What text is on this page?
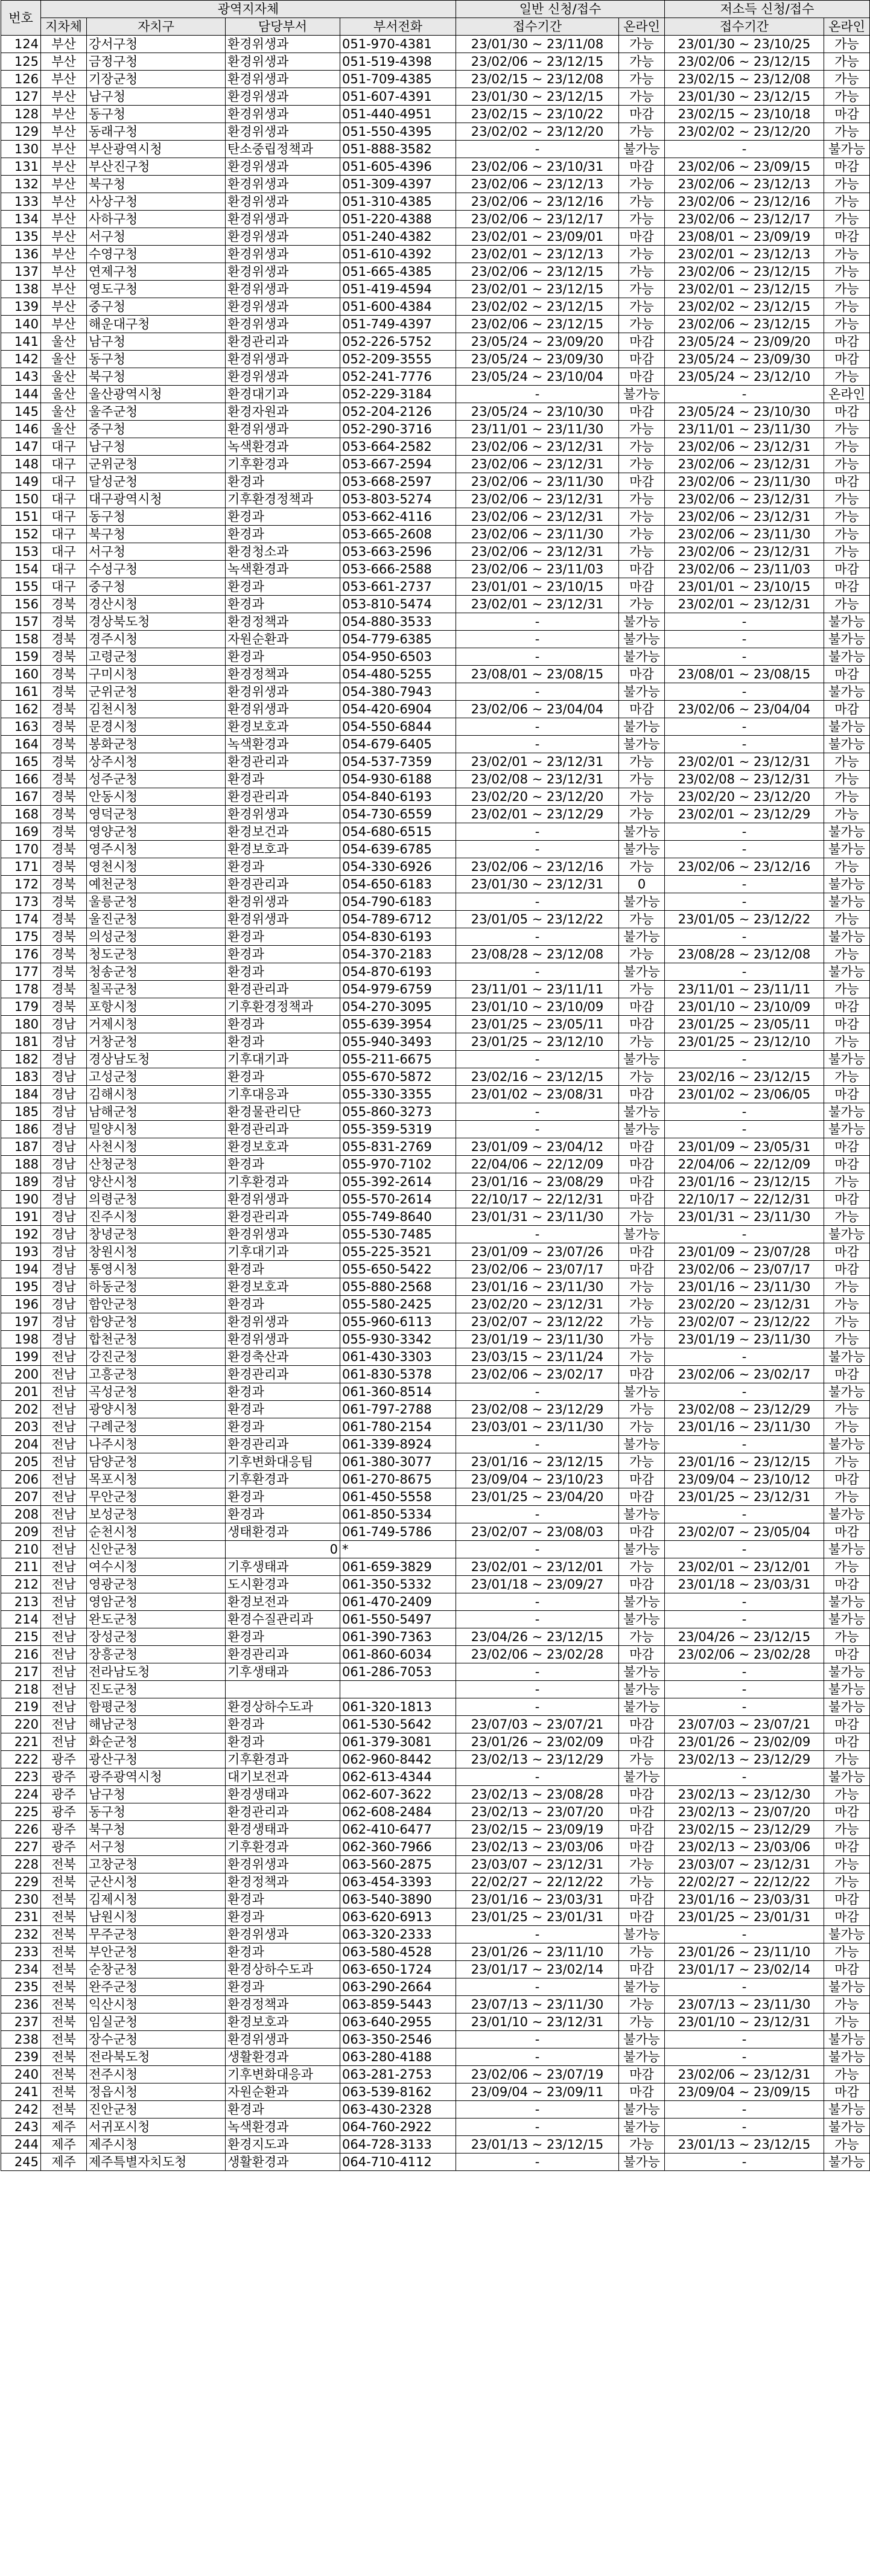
번호	광역지자체				일반 신청/접수		저소득 신청/접수	
	지차체	자치구	담당부서	부서전화	접수기간	온라인	접수기간	온라인
124	부산	강서구청	환경위생과	051-970-4381	23/01/30 ~ 23/11/08	가능	23/01/30 ~ 23/10/25	가능
125	부산	금정구청	환경위생과	051-519-4398	23/02/06 ~ 23/12/15	가능	23/02/06 ~ 23/12/15	가능
126	부산	기장군청	환경위생과	051-709-4385	23/02/15 ~ 23/12/08	가능	23/02/15 ~ 23/12/08	가능
127	부산	남구청	환경위생과	051-607-4391	23/01/30 ~ 23/12/15	가능	23/01/30 ~ 23/12/15	가능
128	부산	동구청	환경위생과	051-440-4951	23/02/15 ~ 23/10/22	마감	23/02/15 ~ 23/10/18	마감
129	부산	동래구청	환경위생과	051-550-4395	23/02/02 ~ 23/12/20	가능	23/02/02 ~ 23/12/20	가능
130	부산	부산광역시청	탄소중립정책과	051-888-3582	-	불가능	-	불가능
131	부산	부산진구청	환경위생과	051-605-4396	23/02/06 ~ 23/10/31	마감	23/02/06 ~ 23/09/15	마감
132	부산	북구청	환경위생과	051-309-4397	23/02/06 ~ 23/12/13	가능	23/02/06 ~ 23/12/13	가능
133	부산	사상구청	환경위생과	051-310-4385	23/02/06 ~ 23/12/16	가능	23/02/06 ~ 23/12/16	가능
134	부산	사하구청	환경위생과	051-220-4388	23/02/06 ~ 23/12/17	가능	23/02/06 ~ 23/12/17	가능
135	부산	서구청	환경위생과	051-240-4382	23/02/01 ~ 23/09/01	마감	23/08/01 ~ 23/09/19	마감
136	부산	수영구청	환경위생과	051-610-4392	23/02/01 ~ 23/12/13	가능	23/02/01 ~ 23/12/13	가능
137	부산	연제구청	환경위생과	051-665-4385	23/02/06 ~ 23/12/15	가능	23/02/06 ~ 23/12/15	가능
138	부산	영도구청	환경위생과	051-419-4594	23/02/01 ~ 23/12/15	가능	23/02/01 ~ 23/12/15	가능
139	부산	중구청	환경위생과	051-600-4384	23/02/02 ~ 23/12/15	가능	23/02/02 ~ 23/12/15	가능
140	부산	해운대구청	환경위생과	051-749-4397	23/02/06 ~ 23/12/15	가능	23/02/06 ~ 23/12/15	가능
141	울산	남구청	환경관리과	052-226-5752	23/05/24 ~ 23/09/20	마감	23/05/24 ~ 23/09/20	마감
142	울산	동구청	환경위생과	052-209-3555	23/05/24 ~ 23/09/30	마감	23/05/24 ~ 23/09/30	마감
143	울산	북구청	환경위생과	052-241-7776	23/05/24 ~ 23/10/04	마감	23/05/24 ~ 23/12/10	가능
144	울산	울산광역시청	환경대기과	052-229-3184	-	불가능	-	온라인
145	울산	울주군청	환경자원과	052-204-2126	23/05/24 ~ 23/10/30	마감	23/05/24 ~ 23/10/30	마감
146	울산	중구청	환경위생과	052-290-3716	23/11/01 ~ 23/11/30	가능	23/11/01 ~ 23/11/30	가능
147	대구	남구청	녹색환경과	053-664-2582	23/02/06 ~ 23/12/31	가능	23/02/06 ~ 23/12/31	가능
148	대구	군위군청	기후환경과	053-667-2594	23/02/06 ~ 23/12/31	가능	23/02/06 ~ 23/12/31	가능
149	대구	달성군청	환경과	053-668-2597	23/02/06 ~ 23/11/30	마감	23/02/06 ~ 23/11/30	마감
150	대구	대구광역시청	기후환경정책과	053-803-5274	23/02/06 ~ 23/12/31	가능	23/02/06 ~ 23/12/31	가능
151	대구	동구청	환경과	053-662-4116	23/02/06 ~ 23/12/31	가능	23/02/06 ~ 23/12/31	가능
152	대구	북구청	환경과	053-665-2608	23/02/06 ~ 23/11/30	가능	23/02/06 ~ 23/11/30	가능
153	대구	서구청	환경청소과	053-663-2596	23/02/06 ~ 23/12/31	가능	23/02/06 ~ 23/12/31	가능
154	대구	수성구청	녹색환경과	053-666-2588	23/02/06 ~ 23/11/03	마감	23/02/06 ~ 23/11/03	마감
155	대구	중구청	환경과	053-661-2737	23/01/01 ~ 23/10/15	마감	23/01/01 ~ 23/10/15	마감
156	경북	경산시청	환경과	053-810-5474	23/02/01 ~ 23/12/31	가능	23/02/01 ~ 23/12/31	가능
157	경북	경상북도청	환경정책과	054-880-3533	-	불가능	-	불가능
158	경북	경주시청	자원순환과	054-779-6385	-	불가능	-	불가능
159	경북	고령군청	환경과	054-950-6503	-	불가능	-	불가능
160	경북	구미시청	환경정책과	054-480-5255	23/08/01 ~ 23/08/15	마감	23/08/01 ~ 23/08/15	마감
161	경북	군위군청	환경위생과	054-380-7943	-	불가능	-	불가능
162	경북	김천시청	환경위생과	054-420-6904	23/02/06 ~ 23/04/04	마감	23/02/06 ~ 23/04/04	마감
163	경북	문경시청	환경보호과	054-550-6844	-	불가능	-	불가능
164	경북	봉화군청	녹색환경과	054-679-6405	-	불가능	-	불가능
165	경북	상주시청	환경관리과	054-537-7359	23/02/01 ~ 23/12/31	가능	23/02/01 ~ 23/12/31	가능
166	경북	성주군청	환경과	054-930-6188	23/02/08 ~ 23/12/31	가능	23/02/08 ~ 23/12/31	가능
167	경북	안동시청	환경관리과	054-840-6193	23/02/20 ~ 23/12/20	가능	23/02/20 ~ 23/12/20	가능
168	경북	영덕군청	환경위생과	054-730-6559	23/02/01 ~ 23/12/29	가능	23/02/01 ~ 23/12/29	가능
169	경북	영양군청	환경보건과	054-680-6515	-	불가능	-	불가능
170	경북	영주시청	환경보호과	054-639-6785	-	불가능	-	불가능
171	경북	영천시청	환경과	054-330-6926	23/02/06 ~ 23/12/16	가능	23/02/06 ~ 23/12/16	가능
172	경북	예천군청	환경관리과	054-650-6183	23/01/30 ~ 23/12/31	0	-	불가능
173	경북	울릉군청	환경위생과	054-790-6183	-	불가능	-	불가능
174	경북	울진군청	환경위생과	054-789-6712	23/01/05 ~ 23/12/22	가능	23/01/05 ~ 23/12/22	가능
175	경북	의성군청	환경과	054-830-6193	-	불가능	-	불가능
176	경북	청도군청	환경과	054-370-2183	23/08/28 ~ 23/12/08	가능	23/08/28 ~ 23/12/08	가능
177	경북	청송군청	환경과	054-870-6193	-	불가능	-	불가능
178	경북	칠곡군청	환경관리과	054-979-6759	23/11/01 ~ 23/11/11	가능	23/11/01 ~ 23/11/11	가능
179	경북	포항시청	기후환경정책과	054-270-3095	23/01/10 ~ 23/10/09	마감	23/01/10 ~ 23/10/09	마감
180	경남	거제시청	환경과	055-639-3954	23/01/25 ~ 23/05/11	마감	23/01/25 ~ 23/05/11	마감
181	경남	거창군청	환경과	055-940-3493	23/01/25 ~ 23/12/10	가능	23/01/25 ~ 23/12/10	가능
182	경남	경상남도청	기후대기과	055-211-6675	-	불가능	-	불가능
183	경남	고성군청	환경과	055-670-5872	23/02/16 ~ 23/12/15	가능	23/02/16 ~ 23/12/15	가능
184	경남	김해시청	기후대응과	055-330-3355	23/01/02 ~ 23/08/31	마감	23/01/02 ~ 23/06/05	마감
185	경남	남해군청	환경물관리단	055-860-3273	-	불가능	-	불가능
186	경남	밀양시청	환경관리과	055-359-5319	-	불가능	-	불가능
187	경남	사천시청	환경보호과	055-831-2769	23/01/09 ~ 23/04/12	마감	23/01/09 ~ 23/05/31	마감
188	경남	산청군청	환경과	055-970-7102	22/04/06 ~ 22/12/09	마감	22/04/06 ~ 22/12/09	마감
189	경남	양산시청	기후환경과	055-392-2614	23/01/16 ~ 23/08/29	마감	23/01/16 ~ 23/12/15	가능
190	경남	의령군청	환경위생과	055-570-2614	22/10/17 ~ 22/12/31	마감	22/10/17 ~ 22/12/31	마감
191	경남	진주시청	환경관리과	055-749-8640	23/01/31 ~ 23/11/30	가능	23/01/31 ~ 23/11/30	가능
192	경남	창녕군청	환경위생과	055-530-7485	-	불가능	-	불가능
193	경남	창원시청	기후대기과	055-225-3521	23/01/09 ~ 23/07/26	마감	23/01/09 ~ 23/07/28	마감
194	경남	통영시청	환경과	055-650-5422	23/02/06 ~ 23/07/17	마감	23/02/06 ~ 23/07/17	마감
195	경남	하동군청	환경보호과	055-880-2568	23/01/16 ~ 23/11/30	가능	23/01/16 ~ 23/11/30	가능
196	경남	함안군청	환경과	055-580-2425	23/02/20 ~ 23/12/31	가능	23/02/20 ~ 23/12/31	가능
197	경남	함양군청	환경위생과	055-960-6113	23/02/07 ~ 23/12/22	가능	23/02/07 ~ 23/12/22	가능
198	경남	합천군청	환경위생과	055-930-3342	23/01/19 ~ 23/11/30	가능	23/01/19 ~ 23/11/30	가능
199	전남	강진군청	환경축산과	061-430-3303	23/03/15 ~ 23/11/24	가능	-	불가능
200	전남	고흥군청	환경관리과	061-830-5378	23/02/06 ~ 23/02/17	마감	23/02/06 ~ 23/02/17	마감
201	전남	곡성군청	환경과	061-360-8514	-	불가능	-	불가능
202	전남	광양시청	환경과	061-797-2788	23/02/08 ~ 23/12/29	가능	23/02/08 ~ 23/12/29	가능
203	전남	구례군청	환경과	061-780-2154	23/03/01 ~ 23/11/30	가능	23/01/16 ~ 23/11/30	가능
204	전남	나주시청	환경관리과	061-339-8924	-	불가능	-	불가능
205	전남	담양군청	기후변화대응팀	061-380-3077	23/01/16 ~ 23/12/15	가능	23/01/16 ~ 23/12/15	가능
206	전남	목포시청	기후환경과	061-270-8675	23/09/04 ~ 23/10/23	마감	23/09/04 ~ 23/10/12	마감
207	전남	무안군청	환경과	061-450-5558	23/01/25 ~ 23/04/20	마감	23/01/25 ~ 23/12/31	가능
208	전남	보성군청	환경과	061-850-5334	-	불가능	-	불가능
209	전남	순천시청	생태환경과	061-749-5786	23/02/07 ~ 23/08/03	마감	23/02/07 ~ 23/05/04	마감
210	전남	신안군청	0	*	-	불가능	-	불가능
211	전남	여수시청	기후생태과	061-659-3829	23/02/01 ~ 23/12/01	가능	23/02/01 ~ 23/12/01	가능
212	전남	영광군청	도시환경과	061-350-5332	23/01/18 ~ 23/09/27	마감	23/01/18 ~ 23/03/31	마감
213	전남	영암군청	환경보전과	061-470-2409	-	불가능	-	불가능
214	전남	완도군청	환경수질관리과	061-550-5497	-	불가능	-	불가능
215	전남	장성군청	환경과	061-390-7363	23/04/26 ~ 23/12/15	가능	23/04/26 ~ 23/12/15	가능
216	전남	장흥군청	환경관리과	061-860-6034	23/02/06 ~ 23/02/28	마감	23/02/06 ~ 23/02/28	마감
217	전남	전라남도청	기후생태과	061-286-7053	-	불가능	-	불가능
218	전남	진도군청			-	불가능	-	불가능
219	전남	함평군청	환경상하수도과	061-320-1813	-	불가능	-	불가능
220	전남	해남군청	환경과	061-530-5642	23/07/03 ~ 23/07/21	마감	23/07/03 ~ 23/07/21	마감
221	전남	화순군청	환경과	061-379-3081	23/01/26 ~ 23/02/09	마감	23/01/26 ~ 23/02/09	마감
222	광주	광산구청	기후환경과	062-960-8442	23/02/13 ~ 23/12/29	가능	23/02/13 ~ 23/12/29	가능
223	광주	광주광역시청	대기보전과	062-613-4344	-	불가능	-	불가능
224	광주	남구청	환경생태과	062-607-3622	23/02/13 ~ 23/08/28	마감	23/02/13 ~ 23/12/30	가능
225	광주	동구청	환경관리과	062-608-2484	23/02/13 ~ 23/07/20	마감	23/02/13 ~ 23/07/20	마감
226	광주	북구청	환경생태과	062-410-6477	23/02/15 ~ 23/09/19	마감	23/02/15 ~ 23/12/29	가능
227	광주	서구청	기후환경과	062-360-7966	23/02/13 ~ 23/03/06	마감	23/02/13 ~ 23/03/06	마감
228	전북	고창군청	환경위생과	063-560-2875	23/03/07 ~ 23/12/31	가능	23/03/07 ~ 23/12/31	가능
229	전북	군산시청	환경정책과	063-454-3393	22/02/27 ~ 22/12/22	가능	22/02/27 ~ 22/12/22	가능
230	전북	김제시청	환경과	063-540-3890	23/01/16 ~ 23/03/31	마감	23/01/16 ~ 23/03/31	마감
231	전북	남원시청	환경과	063-620-6913	23/01/25 ~ 23/01/31	마감	23/01/25 ~ 23/01/31	마감
232	전북	무주군청	환경위생과	063-320-2333	-	불가능	-	불가능
233	전북	부안군청	환경과	063-580-4528	23/01/26 ~ 23/11/10	가능	23/01/26 ~ 23/11/10	가능
234	전북	순창군청	환경상하수도과	063-650-1724	23/01/17 ~ 23/02/14	마감	23/01/17 ~ 23/02/14	마감
235	전북	완주군청	환경과	063-290-2664	-	불가능	-	불가능
236	전북	익산시청	환경정책과	063-859-5443	23/07/13 ~ 23/11/30	가능	23/07/13 ~ 23/11/30	가능
237	전북	임실군청	환경보호과	063-640-2955	23/01/10 ~ 23/12/31	가능	23/01/10 ~ 23/12/31	가능
238	전북	장수군청	환경위생과	063-350-2546	-	불가능	-	불가능
239	전북	전라북도청	생활환경과	063-280-4188	-	불가능	-	불가능
240	전북	전주시청	기후변화대응과	063-281-2753	23/02/06 ~ 23/07/19	마감	23/02/06 ~ 23/12/31	가능
241	전북	정읍시청	자원순환과	063-539-8162	23/09/04 ~ 23/09/11	마감	23/09/04 ~ 23/09/15	마감
242	전북	진안군청	환경과	063-430-2328	-	불가능	-	불가능
243	제주	서귀포시청	녹색환경과	064-760-2922	-	불가능	-	불가능
244	제주	제주시청	환경지도과	064-728-3133	23/01/13 ~ 23/12/15	가능	23/01/13 ~ 23/12/15	가능
245	제주	제주특별자치도청	생활환경과	064-710-4112	-	불가능	-	불가능
